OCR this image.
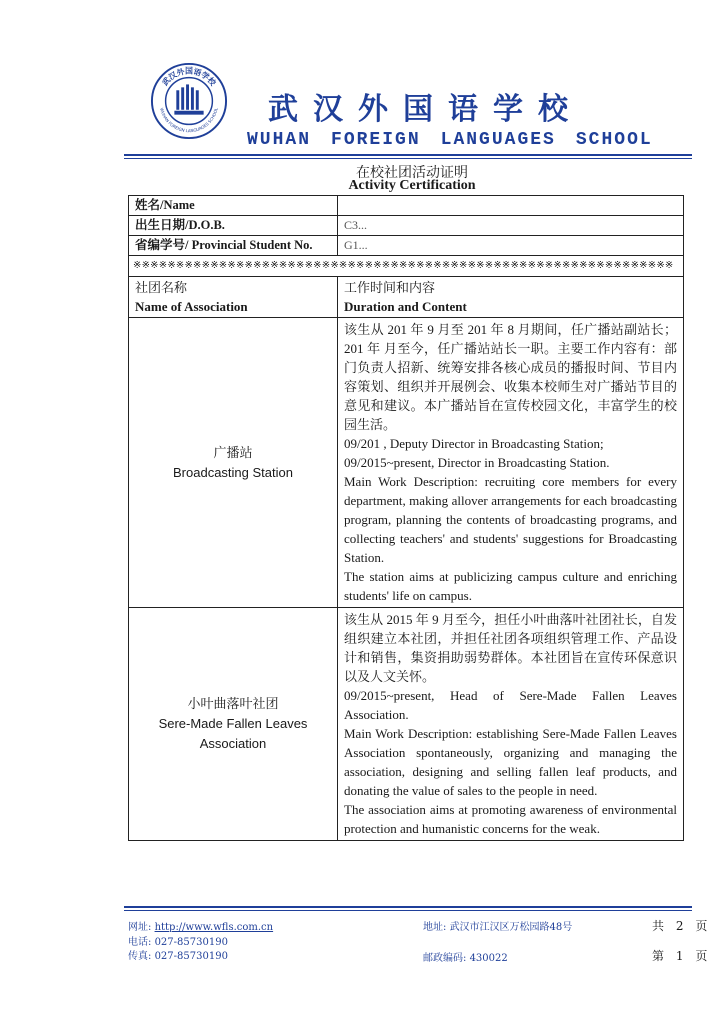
武汉外国语学校
WUHAN FOREIGN LANGUAGES SCHOOL 武汉外国语学校
WUHAN FOREIGN LANGUAGES SCHOOL
在校社团活动证明
Activity Certification
姓名/Name
出生日期/D.O.B.	C3...
省编学号/ Provincial Student No.	G1...
※※※※※※※※※※※※※※※※※※※※※※※※※※※※※※※※※※※※※※※※※※※※※※※※※※※※※※※※※※※※※※※
社团名称
Name of Association
工作时间和内容
Duration and Content
广播站
Broadcasting Station

该生从 201 年 9 月至 201 年 8 月期间，任广播站副站长；201 年 月至今，任广播站站长一职。主要工作内容有：部门负责人招新、统筹安排各核心成员的播报时间、节目内容策划、组织并开展例会、收集本校师生对广播站节目的意见和建议。本广播站旨在宣传校园文化，丰富学生的校园生活。

09/201 , Deputy Director in Broadcasting Station;

09/2015~present, Director in Broadcasting Station.

Main Work Description: recruiting core members for every department, making allover arrangements for each broadcasting program, planning the contents of broadcasting programs, and collecting teachers' and students' suggestions for Broadcasting Station.

The station aims at publicizing campus culture and enriching students' life on campus.

小叶曲落叶社团
Sere-Made Fallen Leaves Association

该生从 2015 年 9 月至今，担任小叶曲落叶社团社长，自发组织建立本社团，并担任社团各项组织管理工作、产品设计和销售，集资捐助弱势群体。本社团旨在宣传环保意识以及人文关怀。

09/2015~present, Head of Sere-Made Fallen Leaves Association.

Main Work Description: establishing Sere-Made Fallen Leaves Association spontaneously, organizing and managing the association, designing and selling fallen leaf products, and donating the value of sales to the people in need.

The association aims at promoting awareness of environmental protection and humanistic concerns for the weak.

网址: http://www.wfls.com.cn
电话: 027-85730190
传真: 027-85730190
地址: 武汉市江汉区万松园路48号
邮政编码: 430022
共 2 页
第 1 页
